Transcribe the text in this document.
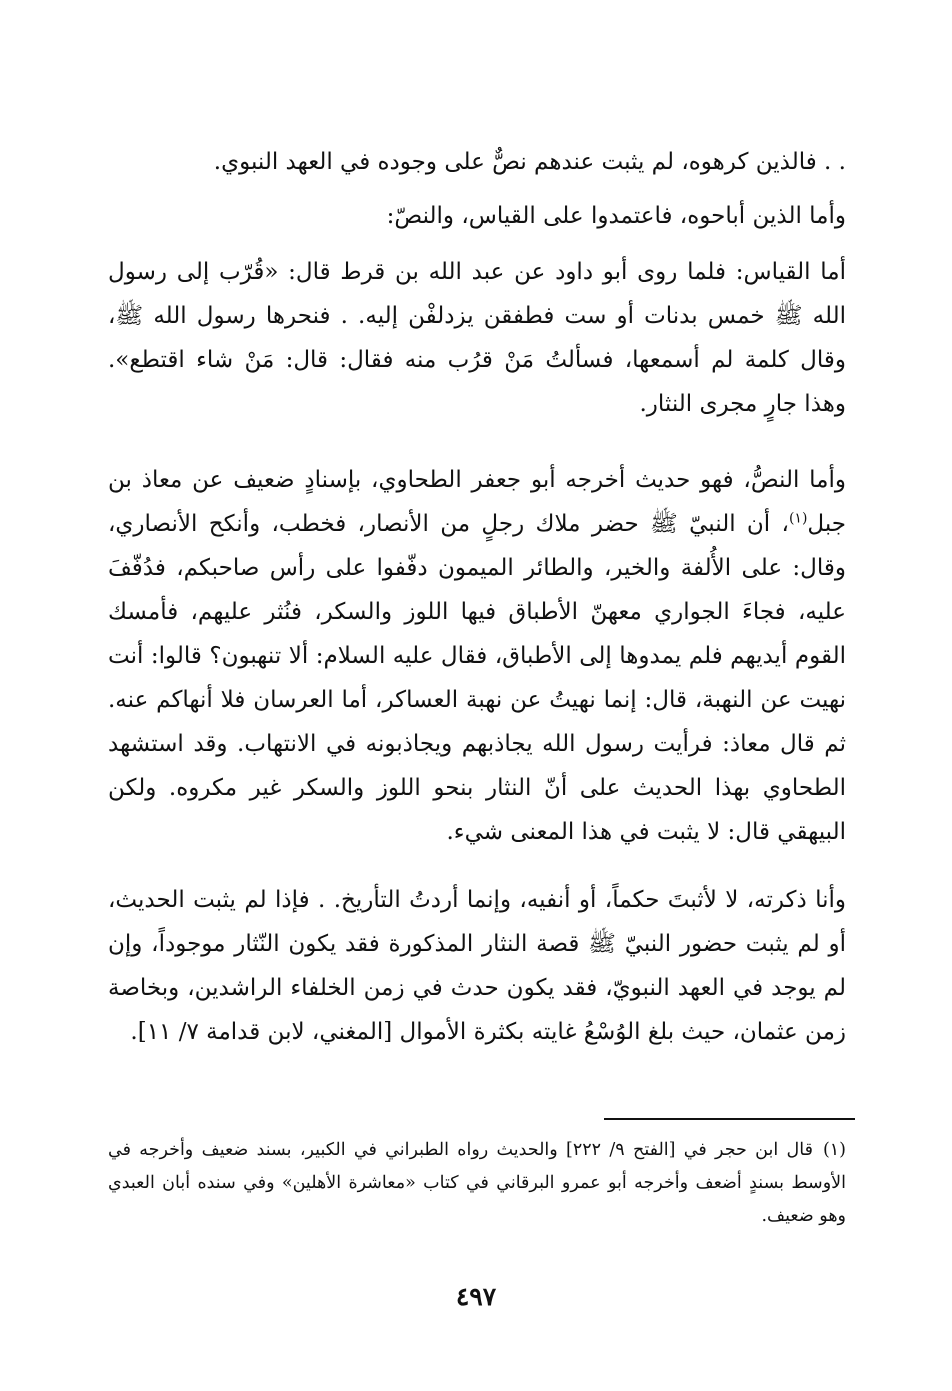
. . فالذين كرهوه، لم يثبت عندهم نصٌّ على وجوده في العهد النبوي.

وأما الذين أباحوه، فاعتمدوا على القياس، والنصّ:

أما القياس: فلما روى أبو داود عن عبد الله بن قرط قال: «قُرّب إلى رسول الله ﷺ خمس بدنات أو ست فطفقن يزدلفْن إليه. . فنحرها رسول الله ﷺ، وقال كلمة لم أسمعها، فسألتُ مَنْ قرُب منه فقال: قال: مَنْ شاء اقتطع». وهذا جارٍ مجرى النثار.

وأما النصُّ، فهو حديث أخرجه أبو جعفر الطحاوي، بإسنادٍ ضعيف عن معاذ بن جبل$^{(١)}$، أن النبيّ ﷺ حضر ملاك رجلٍ من الأنصار، فخطب، وأنكح الأنصاري، وقال: على الأُلفة والخير، والطائر الميمون دفّفوا على رأس صاحبكم، فدُفّفَ عليه، فجاءَ الجواري معهنّ الأطباق فيها اللوز والسكر، فنُثر عليهم، فأمسك القوم أيديهم فلم يمدوها إلى الأطباق، فقال عليه السلام: ألا تنهبون؟ قالوا: أنت نهيت عن النهبة، قال: إنما نهيتُ عن نهبة العساكر، أما العرسان فلا أنهاكم عنه. ثم قال معاذ: فرأيت رسول الله يجاذبهم ويجاذبونه في الانتهاب. وقد استشهد الطحاوي بهذا الحديث على أنّ النثار بنحو اللوز والسكر غير مكروه. ولكن البيهقي قال: لا يثبت في هذا المعنى شيء.

وأنا ذكرته، لا لأثبتَ حكماً، أو أنفيه، وإنما أردتُ التأريخ. . فإذا لم يثبت الحديث، أو لم يثبت حضور النبيّ ﷺ قصة النثار المذكورة فقد يكون النّثار موجوداً، وإن لم يوجد في العهد النبويّ، فقد يكون حدث في زمن الخلفاء الراشدين، وبخاصة زمن عثمان، حيث بلغ الوُسْعُ غايته بكثرة الأموال [المغني، لابن قدامة ٧/ ١١].

(١)قال ابن حجر في [الفتح ٩/ ٢٢٢] والحديث رواه الطبراني في الكبير، بسند ضعيف وأخرجه في الأوسط بسندٍ أضعف وأخرجه أبو عمرو البرقاني في كتاب «معاشرة الأهلين» وفي سنده أبان العبدي وهو ضعيف.

٤٩٧
